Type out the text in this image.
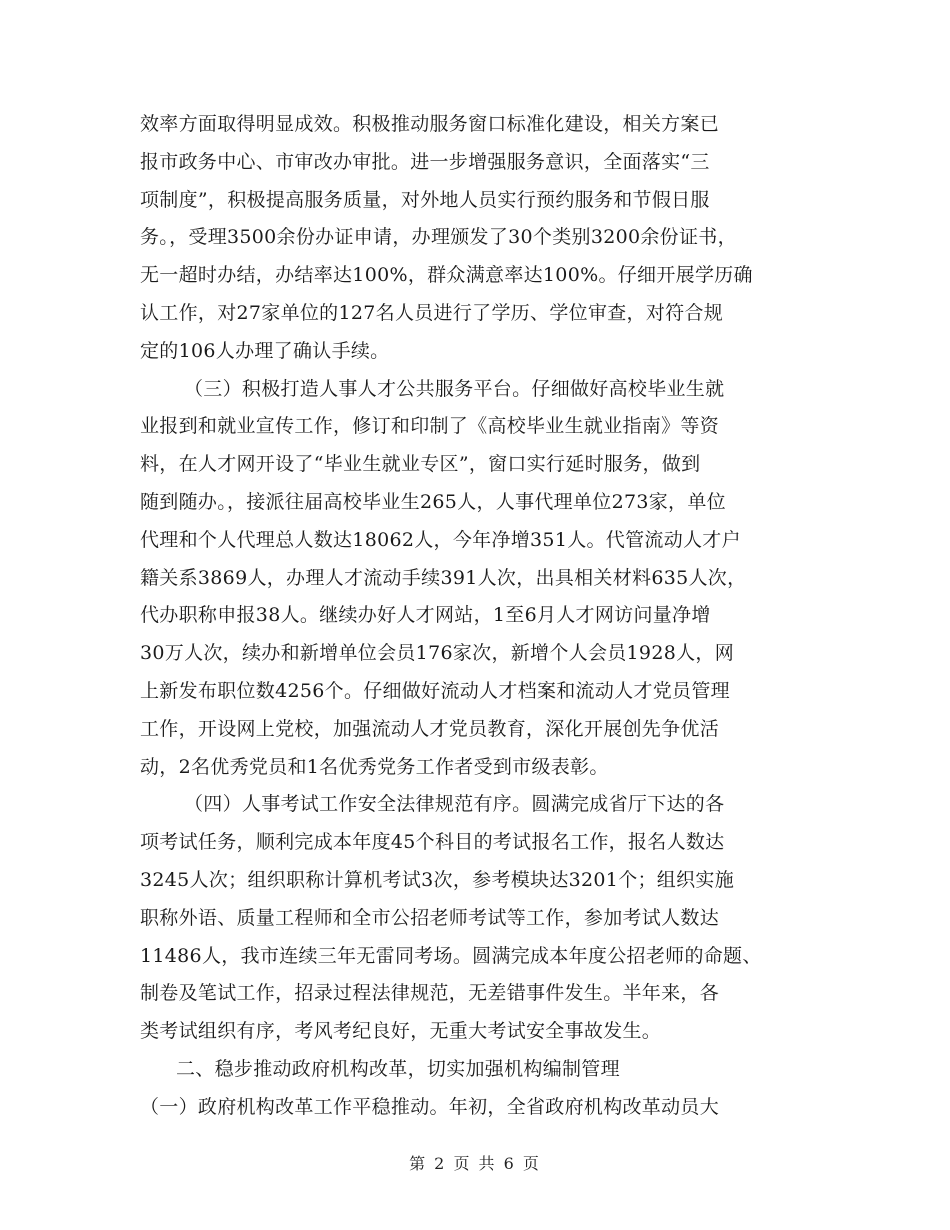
效率方面取得明显成效。积极推动服务窗口标准化建设，相关方案已
报市政务中心、市审改办审批。进一步增强服务意识，全面落实“三
项制度”，积极提高服务质量，对外地人员实行预约服务和节假日服
务。，受理3500余份办证申请，办理颁发了30个类别3200余份证书，
无一超时办结，办结率达100%，群众满意率达100%。仔细开展学历确
认工作，对27家单位的127名人员进行了学历、学位审查，对符合规
定的106人办理了确认手续。
（三）积极打造人事人才公共服务平台。仔细做好高校毕业生就
业报到和就业宣传工作，修订和印制了《高校毕业生就业指南》等资
料，在人才网开设了“毕业生就业专区”，窗口实行延时服务，做到
随到随办。，接派往届高校毕业生265人，人事代理单位273家，单位
代理和个人代理总人数达18062人，今年净增351人。代管流动人才户
籍关系3869人，办理人才流动手续391人次，出具相关材料635人次，
代办职称申报38人。继续办好人才网站，1至6月人才网访问量净增
30万人次，续办和新增单位会员176家次，新增个人会员1928人，网
上新发布职位数4256个。仔细做好流动人才档案和流动人才党员管理
工作，开设网上党校，加强流动人才党员教育，深化开展创先争优活
动，2名优秀党员和1名优秀党务工作者受到市级表彰。
（四）人事考试工作安全法律规范有序。圆满完成省厅下达的各
项考试任务，顺利完成本年度45个科目的考试报名工作，报名人数达
3245人次；组织职称计算机考试3次，参考模块达3201个；组织实施
职称外语、质量工程师和全市公招老师考试等工作，参加考试人数达
11486人，我市连续三年无雷同考场。圆满完成本年度公招老师的命题、
制卷及笔试工作，招录过程法律规范，无差错事件发生。半年来，各
类考试组织有序，考风考纪良好，无重大考试安全事故发生。
二、稳步推动政府机构改革，切实加强机构编制管理
（一）政府机构改革工作平稳推动。年初，全省政府机构改革动员大
第 2 页 共 6 页
